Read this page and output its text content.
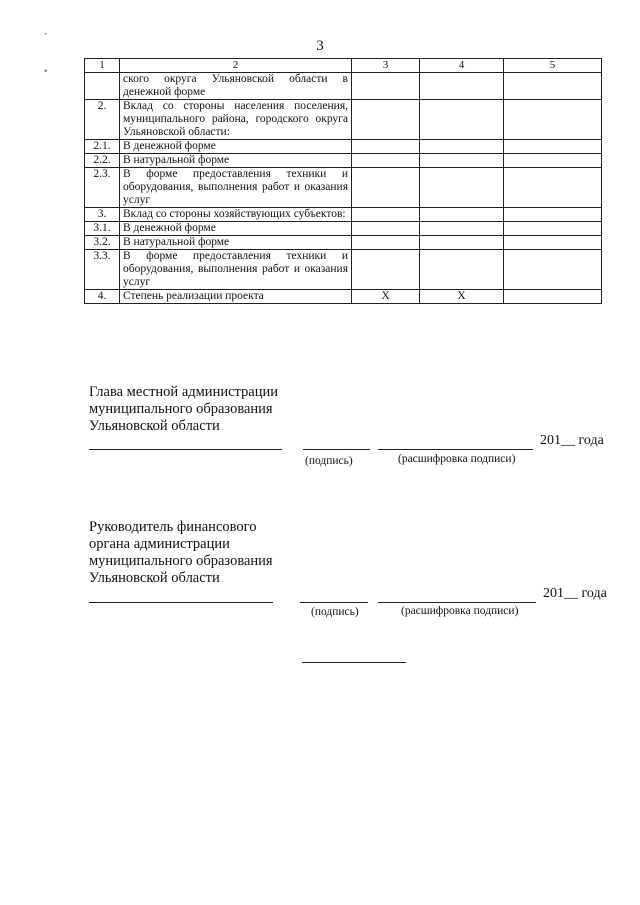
-
•
3
1	2	3	4	5
	ского округа Ульяновской области в денежной форме			
2.	Вклад со стороны населения поселения, муниципального района, городского округа Ульяновской области:			
2.1.	В денежной форме			
2.2.	В натуральной форме			
2.3.	В форме предоставления техники и оборудования, выполнения работ и оказания услуг			
3.	Вклад со стороны хозяйствующих субъектов:			
3.1.	В денежной форме			
3.2.	В натуральной форме			
3.3.	В форме предоставления техники и оборудования, выполнения работ и оказания услуг			
4.	Степень реализации проекта	Х	Х	
Глава местной администрации
муниципального образования
Ульяновской области
201__ года
(подпись)	(расшифровка подписи)
Руководитель финансового
органа администрации
муниципального образования
Ульяновской области
201__ года
(подпись)	(расшифровка подписи)
